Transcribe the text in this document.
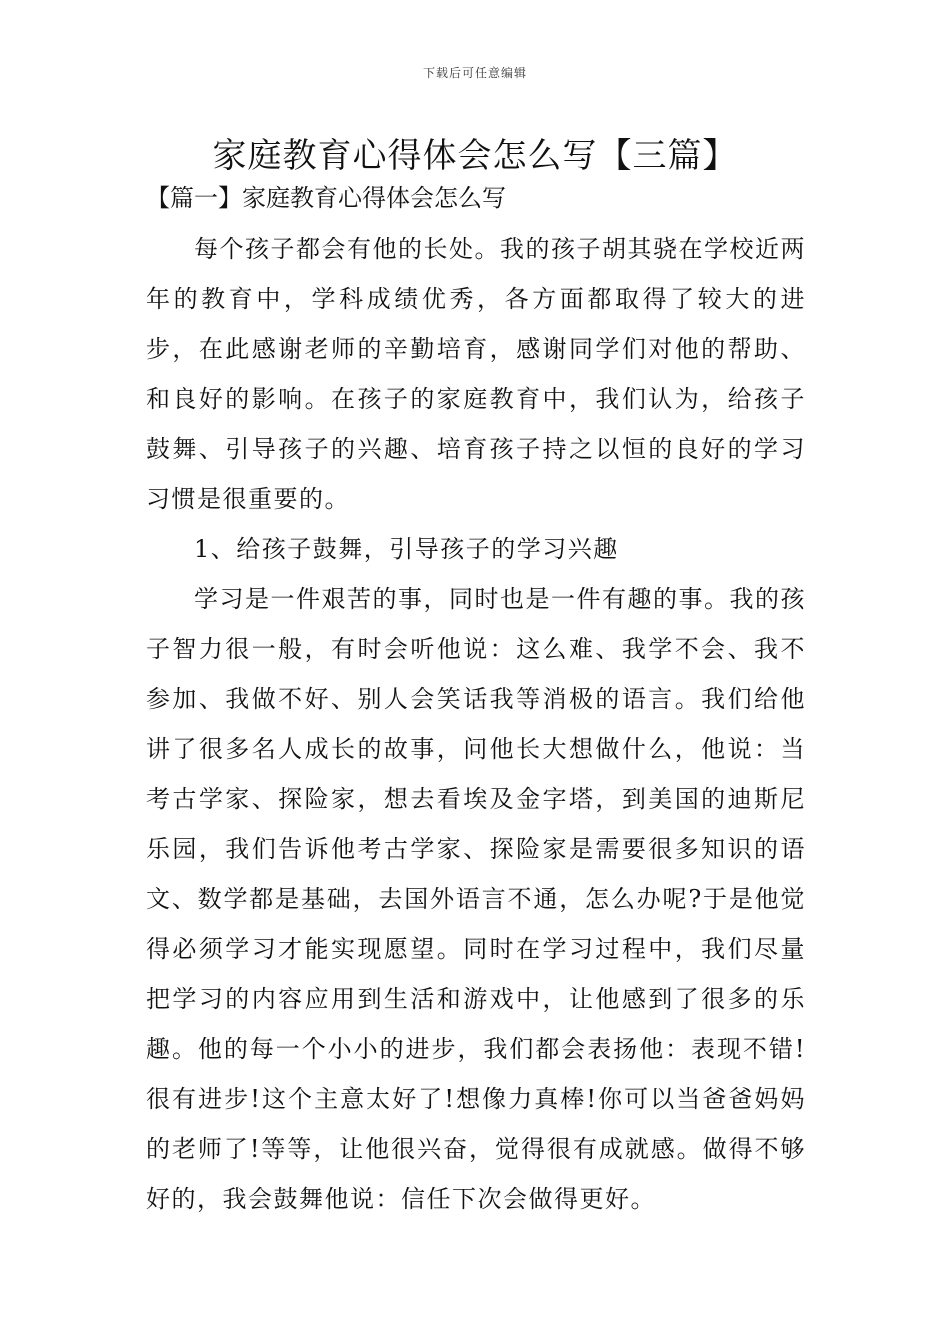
下载后可任意编辑
家庭教育心得体会怎么写【三篇】
【篇一】家庭教育心得体会怎么写

每个孩子都会有他的长处。我的孩子胡其骁在学校近两年的教育中，学科成绩优秀，各方面都取得了较大的进步，在此感谢老师的辛勤培育，感谢同学们对他的帮助、和良好的影响。在孩子的家庭教育中，我们认为，给孩子鼓舞、引导孩子的兴趣、培育孩子持之以恒的良好的学习习惯是很重要的。

1、给孩子鼓舞，引导孩子的学习兴趣

学习是一件艰苦的事，同时也是一件有趣的事。我的孩子智力很一般，有时会听他说：这么难、我学不会、我不参加、我做不好、别人会笑话我等消极的语言。我们给他讲了很多名人成长的故事，问他长大想做什么，他说：当考古学家、探险家，想去看埃及金字塔，到美国的迪斯尼乐园，我们告诉他考古学家、探险家是需要很多知识的语文、数学都是基础，去国外语言不通，怎么办呢?于是他觉得必须学习才能实现愿望。同时在学习过程中，我们尽量把学习的内容应用到生活和游戏中，让他感到了很多的乐趣。他的每一个小小的进步，我们都会表扬他：表现不错!很有进步!这个主意太好了!想像力真棒!你可以当爸爸妈妈的老师了!等等，让他很兴奋，觉得很有成就感。做得不够好的，我会鼓舞他说：信任下次会做得更好。
